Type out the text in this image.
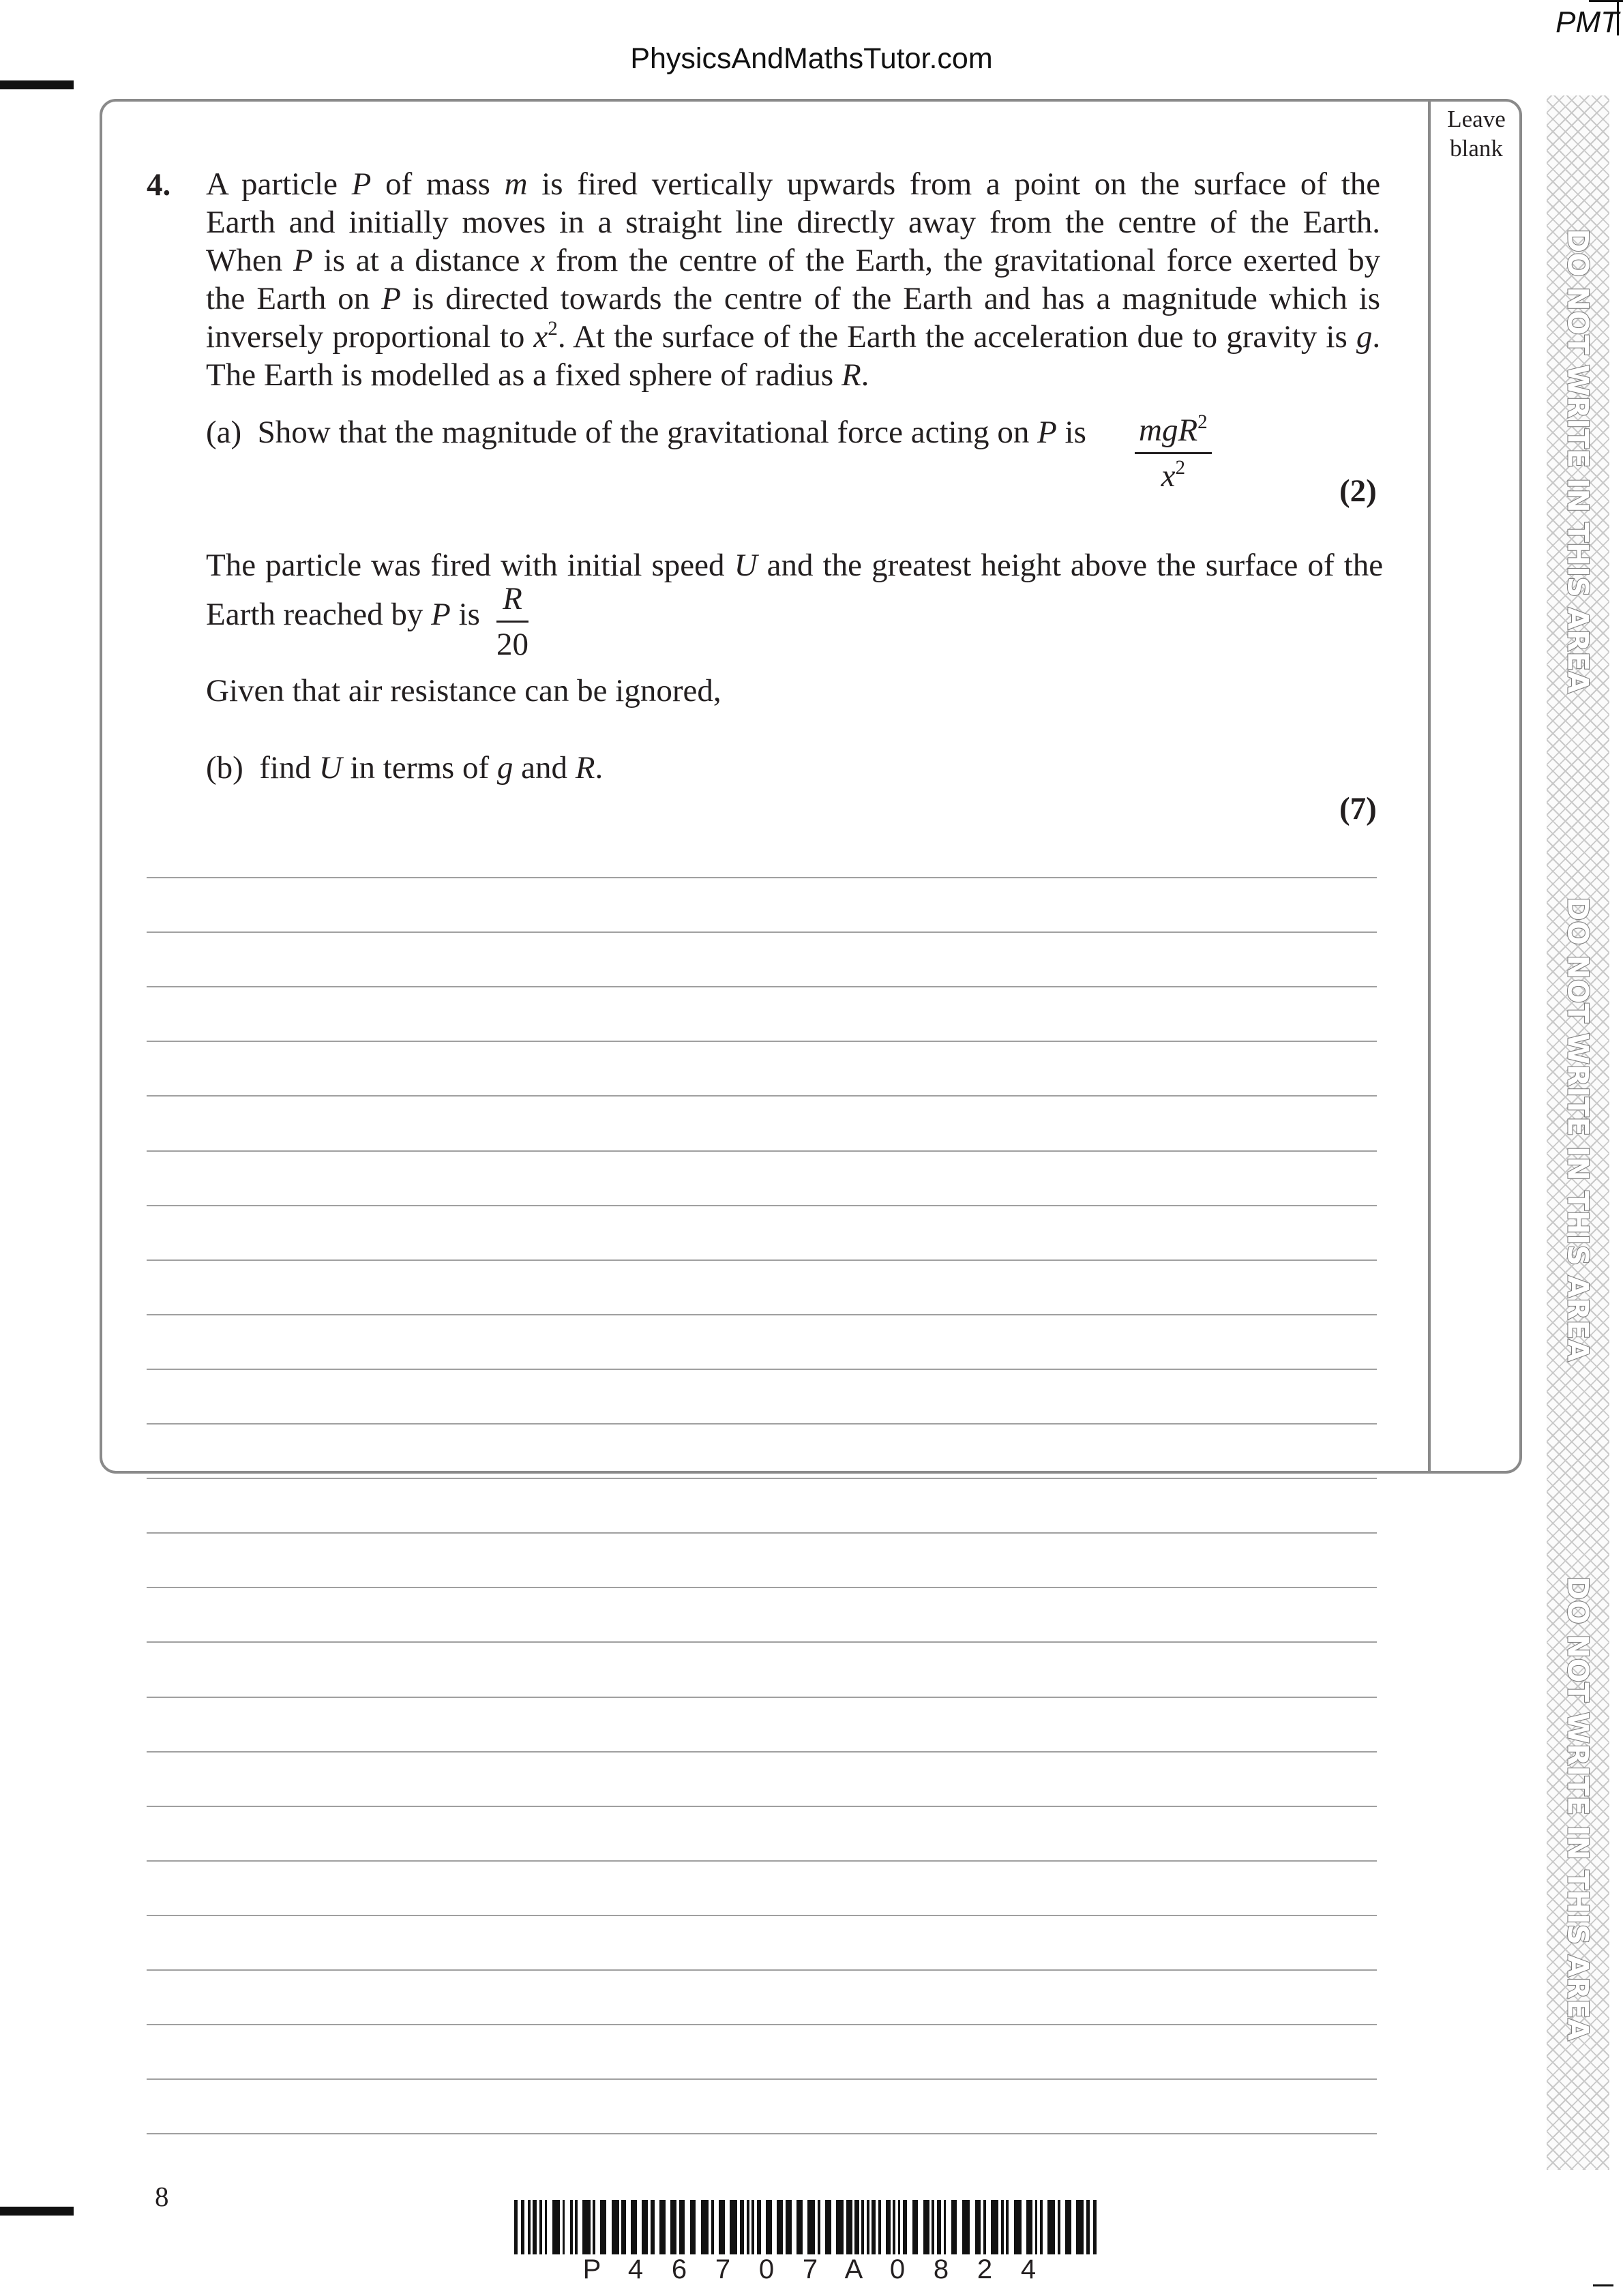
PMT
PhysicsAndMathsTutor.com
Leave
blank
DO NOT WRITE IN THIS AREA
DO NOT WRITE IN THIS AREA
DO NOT WRITE IN THIS AREA
4. A particle P of mass m is fired vertically upwards from a point on the surface of the
Earth and initially moves in a straight line directly away from the centre of the Earth.
When P is at a distance x from the centre of the Earth, the gravitational force exerted by
the Earth on P is directed towards the centre of the Earth and has a magnitude which is
inversely proportional to $x^2$. At the surface of the Earth the acceleration due to gravity is g.
The Earth is modelled as a fixed sphere of radius R.
(a) Show that the magnitude of the gravitational force acting on P is	mgR$^2$
$x^2$
(2)
The particle was fired with initial speed U and the greatest height above the surface of the
Earth reached by P is $\frac{R}{20}$
Given that air resistance can be ignored,
(b) find U in terms of g and R.
(7)
8
P 4	6	7	0	7 A 0	8	2	4
